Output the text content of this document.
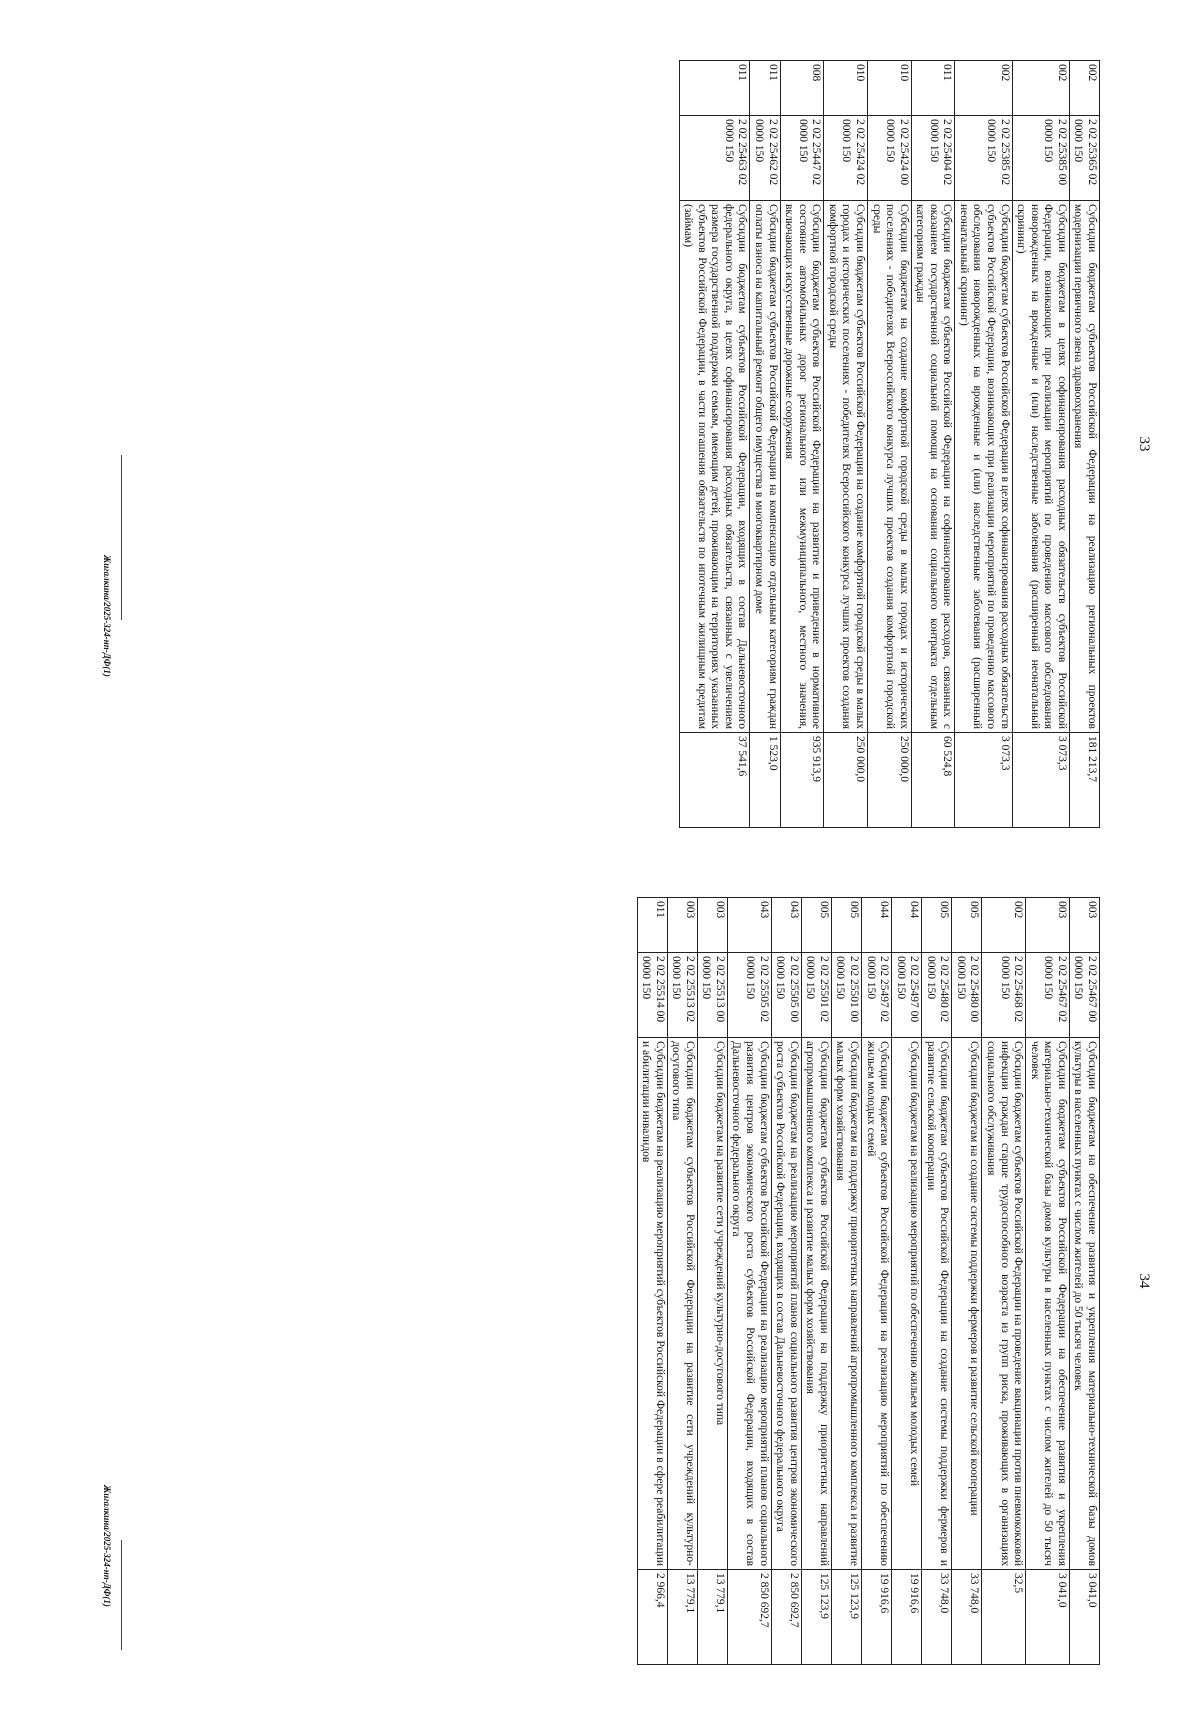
33
002	2 02 25365 02 0000 150	Субсидии бюджетам субъектов Российской Федерации на реализацию региональных проектов модернизации первичного звена здравоохранения	181 213,7
002	2 02 25385 00 0000 150	Субсидии бюджетам в целях софинансирования расходных обязательств субъектов Российской Федерации, возникающих при реализации мероприятий по проведению массового обследования новорожденных на врожденные и (или) наследственные заболевания (расширенный неонатальный скрининг)	3 073,3
002	2 02 25385 02 0000 150	Субсидии бюджетам субъектов Российской Федерации в целях софинансирования расходных обязательств субъектов Российской Федерации, возникающих при реализации мероприятий по проведению массового обследования новорожденных на врожденные и (или) наследственные заболевания (расширенный неонатальный скрининг)	3 073,3
011	2 02 25404 02 0000 150	Субсидии бюджетам субъектов Российской Федерации на софинансирование расходов, связанных с оказанием государственной социальной помощи на основании социального контракта отдельным категориям граждан	60 524,8
010	2 02 25424 00 0000 150	Субсидии бюджетам на создание комфортной городской среды в малых городах и исторических поселениях - победителях Всероссийского конкурса лучших проектов создания комфортной городской среды	250 000,0
010	2 02 25424 02 0000 150	Субсидии бюджетам субъектов Российской Федерации на создание комфортной городской среды в малых городах и исторических поселениях - победителях Всероссийского конкурса лучших проектов создания комфортной городской среды	250 000,0
008	2 02 25447 02 0000 150	Субсидии бюджетам субъектов Российской Федерации на развитие и приведение в нормативное состояние автомобильных дорог регионального или межмуниципального, местного значения, включающих искусственные дорожные сооружения	935 913,9
011	2 02 25462 02 0000 150	Субсидии бюджетам субъектов Российской Федерации на компенсацию отдельным категориям граждан оплаты взноса на капитальный ремонт общего имущества в многоквартирном доме	1 523,0
011	2 02 25463 02 0000 150	Субсидии бюджетам субъектов Российской Федерации, входящих в состав Дальневосточного федерального округа, в целях софинансирования расходных обязательств, связанных с увеличением размера государственной поддержки семьям, имеющим детей, проживающим на территориях указанных субъектов Российской Федерации, в части погашения обязательств по ипотечным жилищным кредитам (займам)	37 541,6
34
003	2 02 25467 00 0000 150	Субсидии бюджетам на обеспечение развития и укрепления материально-технической базы домов культуры в населенных пунктах с числом жителей до 50 тысяч человек	3 041,0
003	2 02 25467 02 0000 150	Субсидии бюджетам субъектов Российской Федерации на обеспечение развития и укрепления материально-технической базы домов культуры в населенных пунктах с числом жителей до 50 тысяч человек	3 041,0
002	2 02 25468 02 0000 150	Субсидии бюджетам субъектов Российской Федерации на проведение вакцинации против пневмококковой инфекции граждан старше трудоспособного возраста из групп риска, проживающих в организациях социального обслуживания	32,5
005	2 02 25480 00 0000 150	Субсидии бюджетам на создание системы поддержки фермеров и развитие сельской кооперации	33 748,0
005	2 02 25480 02 0000 150	Субсидии бюджетам субъектов Российской Федерации на создание системы поддержки фермеров и развитие сельской кооперации	33 748,0
044	2 02 25497 00 0000 150	Субсидии бюджетам на реализацию мероприятий по обеспечению жильем молодых семей	19 916,6
044	2 02 25497 02 0000 150	Субсидии бюджетам субъектов Российской Федерации на реализацию мероприятий по обеспечению жильем молодых семей	19 916,6
005	2 02 25501 00 0000 150	Субсидии бюджетам на поддержку приоритетных направлений агропромышленного комплекса и развитие малых форм хозяйствования	125 123,9
005	2 02 25501 02 0000 150	Субсидии бюджетам субъектов Российской Федерации на поддержку приоритетных направлений агропромышленного комплекса и развитие малых форм хозяйствования	125 123,9
043	2 02 25505 00 0000 150	Субсидии бюджетам на реализацию мероприятий планов социального развития центров экономического роста субъектов Российской Федерации, входящих в состав Дальневосточного федерального округа	2 850 692,7
043	2 02 25505 02 0000 150	Субсидии бюджетам субъектов Российской Федерации на реализацию мероприятий планов социального развития центров экономического роста субъектов Российской Федерации, входящих в состав Дальневосточного федерального округа	2 850 692,7
003	2 02 25513 00 0000 150	Субсидии бюджетам на развитие сети учреждений культурно-досугового типа	13 779,1
003	2 02 25513 02 0000 150	Субсидии бюджетам субъектов Российской Федерации на развитие сети учреждений культурно-досугового типа	13 779,1
011	2 02 25514 00 0000 150	Субсидии бюджетам на реализацию мероприятий субъектов Российской Федерации в сфере реабилитации и абилитации инвалидов	2 966,4
Жигалкина/2025-324-нп-ДФ(1)
Жигалкина/2025-324-нп-ДФ(1)
